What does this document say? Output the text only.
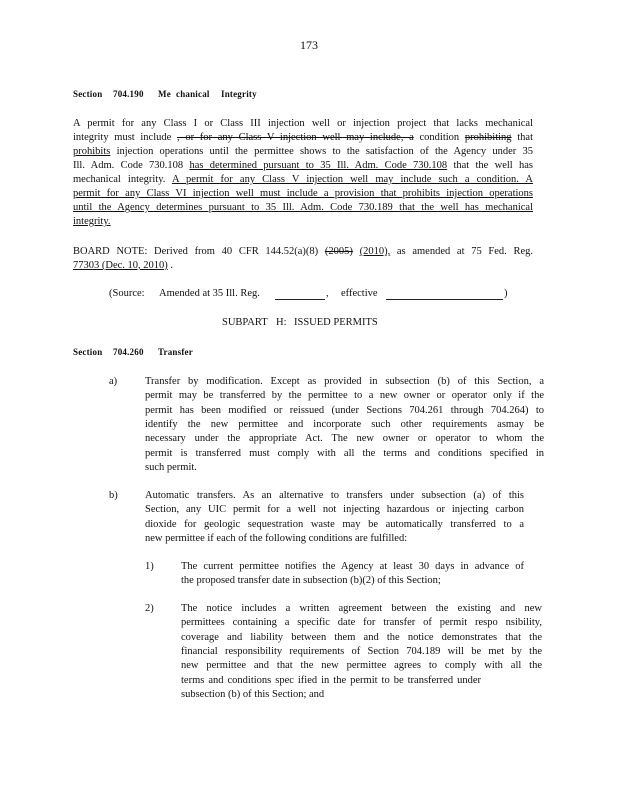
173
Section 704.190 Me chanical Integrity
A permit for any Class I or Class III injection well or injection project that lacks mechanical
integrity must include , or for any Class V injection well may include, a condition prohibiting that
prohibits injection operations until the permittee shows to the satisfaction of the Agency under 35
Ill. Adm. Code 730.108 has determined pursuant to 35 Ill. Adm. Code 730.108 that the well has
mechanical integrity. A permit for any Class V injection well may include such a condition. A
permit for any Class VI injection well must include a provision that prohibits injection operations
until the Agency determines pursuant to 35 Ill. Adm. Code 730.189 that the well has mechanical
integrity.
BOARD NOTE: Derived from 40 CFR 144.52(a)(8) (2005) (2010), as amended at 75 Fed. Reg.
77303 (Dec. 10, 2010) .
(Source: Amended at 35 Ill. Reg.	, effective	)
SUBPART H: ISSUED PERMITS
Section 704.260 Transfer
a)	Transfer by modification. Except as provided in subsection (b) of this Section, a
permit may be transferred by the permittee to a new owner or operator only if the
permit has been modified or reissued (under Sections 704.261 through 704.264) to
identify the new permittee and incorporate such other requirements asmay be
necessary under the appropriate Act. The new owner or operator to whom the
permit is transferred must comply with all the terms and conditions specified in
such permit.
b)	Automatic transfers. As an alternative to transfers under subsection (a) of this
Section, any UIC permit for a well not injecting hazardous or injecting carbon
dioxide for geologic sequestration waste may be automatically transferred to a
new permittee if each of the following conditions are fulfilled:
1)	The current permittee notifies the Agency at least 30 days in advance of
the proposed transfer date in subsection (b)(2) of this Section;
2)	The notice includes a written agreement between the existing and new
permittees containing a specific date for transfer of permit respo nsibility,
coverage and liability between them and the notice demonstrates that the
financial responsibility requirements of Section 704.189 will be met by the
new permittee and that the new permittee agrees to comply with all the
terms and conditions spec ified in the permit to be transferred under
subsection (b) of this Section; and
